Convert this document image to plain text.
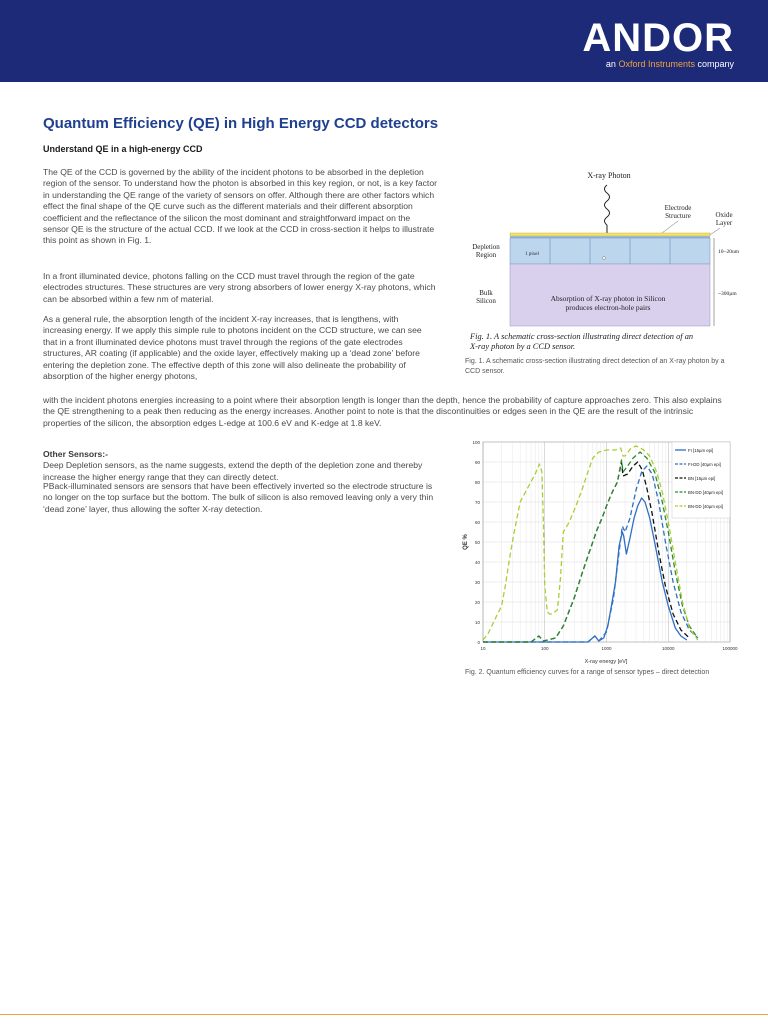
ANDOR
an Oxford Instruments company
Quantum Efficiency (QE) in High Energy CCD detectors
Understand QE in a high-energy CCD

The QE of the CCD is governed by the ability of the incident photons to be absorbed in the depletion region of the sensor. To understand how the photon is absorbed in this key region, or not, is a key factor in understanding the QE range of the variety of sensors on offer. Although there are other factors which effect the final shape of the QE curve such as the different materials and their different absorption coefficient and the reflectance of the silicon the most dominant and straightforward impact on the sensor QE is the structure of the actual CCD. If we look at the CCD in cross-section it helps to illustrate this point as shown in Fig. 1.

In a front illuminated device, photons falling on the CCD must travel through the region of the gate electrodes structures. These structures are very strong absorbers of lower energy X-ray photons, which can be absorbed within a few nm of material.

As a general rule, the absorption length of the incident X-ray increases, that is lengthens, with increasing energy. If we apply this simple rule to photons incident on the CCD structure, we can see that in a front illuminated device photons must travel through the regions of the gate electrodes structures, AR coating (if applicable) and the oxide layer, effectively making up a ‘dead zone’ before entering the depletion zone. The effective depth of this zone will also delineate the probability of absorption of the higher energy photons,

with the incident photons energies increasing to a point where their absorption length is longer than the depth, hence the probability of capture approaches zero. This also explains the QE strengthening to a peak then reducing as the energy increases. Another point to note is that the discontinuities or edges seen in the QE are the result of the intrinsic properties of the silicon, the absorption edges L-edge at 100.6 eV and K-edge at 1.8 keV.

Other Sensors:-
Deep Depletion sensors, as the name suggests, extend the depth of the depletion zone and thereby increase the higher energy range that they can directly detect.

PBack-illuminated sensors are sensors that have been effectively inverted so the electrode structure is no longer on the top surface but the bottom. The bulk of silicon is also removed leaving only a very thin ‘dead zone’ layer, thus allowing the softer X-ray detection.

X-ray Photon
Electrode
Structure	Oxide
Layer
1 pixel
Depletion
Region
Bulk
Silicon
10~20um
~300µm
Absorption of X-ray photon in Silicon
produces electron-hole pairs
Fig. 1. A schematic cross-section illustrating direct detection of an
X-ray photon by a CCD sensor.
Fig. 1. A schematic cross-section illustrating direct detection of an X-ray photon by a CCD sensor.
0
10
20
30
40
50
60
70
80
90
100
10	100	1000	10000	100000
QE %
X-ray energy [eV]
FI [15µm epi]
FI-DD [40µm epi]
BN [15µm epi]
BN-DD [40µm epi]
BN-DD [40µm epi]
Fig. 2. Quantum efficiency curves for a range of sensor types – direct detection
